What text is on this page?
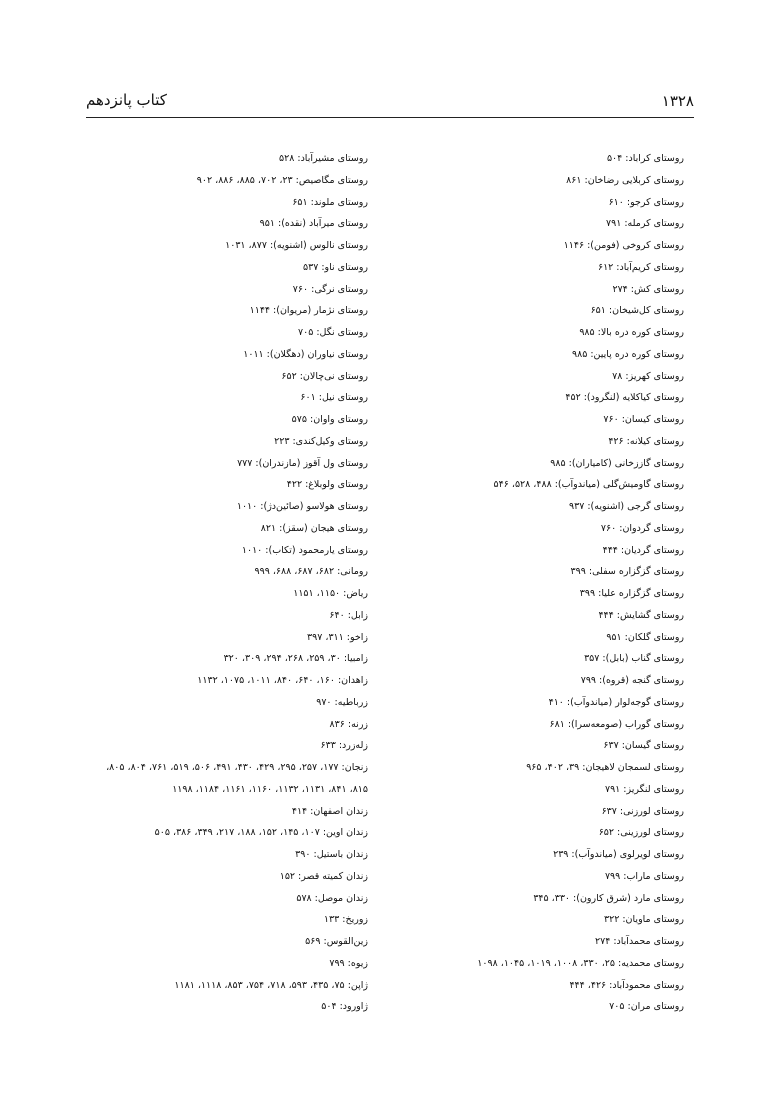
۱۳۲۸
کتاب پانزدهم
روستای کراباد: ۵۰۴
روستای کربلایی رضاخان: ۸۶۱
روستای کرجو: ۶۱۰
روستای کرمله: ۷۹۱
روستای کروخی (فومن): ۱۱۴۶
روستای کریم‌آباد: ۶۱۲
روستای کش: ۲۷۴
روستای کل‌شیخان: ۶۵۱
روستای کوره دره بالا: ۹۸۵
روستای کوره دره پایین: ۹۸۵
روستای کهریز: ۷۸
روستای کیاکلایه (لنگرود): ۴۵۲
روستای کیسان: ۷۶۰
روستای کیلانه: ۴۲۶
روستای گاززخانی (کامیاران): ۹۸۵
روستای گاومیش‌گلی (میاندوآب): ۴۸۸، ۵۲۸، ۵۴۶
روستای گرجی (اشنویه): ۹۳۷
روستای گردوان: ۷۶۰
روستای گردیان: ۴۴۴
روستای گزگزاره سفلی: ۳۹۹
روستای گزگزاره علیا: ۳۹۹
روستای گشایش: ۴۴۴
روستای گلکان: ۹۵۱
روستای گناب (بابل): ۳۵۷
روستای گنجه (قروه): ۷۹۹
روستای گوجه‌لوار (میاندوآب): ۴۱۰
روستای گوراب (صومعه‌سرا): ۶۸۱
روستای گیسان: ۶۳۷
روستای لسمجان لاهیجان: ۳۹، ۴۰۲، ۹۶۵
روستای لنگریز: ۷۹۱
روستای لورزنی: ۶۳۷
روستای لورزینی: ۶۵۲
روستای لویرلوی (میاندوآب): ۲۳۹
روستای ماراب: ۷۹۹
روستای مارد (شرق کارون): ۳۳۰، ۳۴۵
روستای ماویان: ۳۲۲
روستای محمدآباد: ۲۷۴
روستای محمدیه: ۲۵، ۳۳۰، ۱۰۰۸، ۱۰۱۹، ۱۰۴۵، ۱۰۹۸
روستای محمودآباد: ۴۲۶، ۴۴۴
روستای مران: ۷۰۵
روستای مشیرآباد: ۵۲۸
روستای مگاصیص: ۲۳، ۷۰۲، ۸۸۵، ۸۸۶، ۹۰۲
روستای ملوند: ۶۵۱
روستای میرآباد (نقده): ۹۵۱
روستای نالوس (اشنویه): ۸۷۷، ۱۰۳۱
روستای ناو: ۵۳۷
روستای نرگی: ۷۶۰
روستای نژمار (مریوان): ۱۱۴۴
روستای نگل: ۷۰۵
روستای نیاوران (دهگلان): ۱۰۱۱
روستای نی‌چالان: ۶۵۲
روستای نیل: ۶۰۱
روستای واوان: ۵۷۵
روستای وکیل‌کندی: ۲۲۳
روستای ول آقوز (مازندران): ۷۷۷
روستای ولوبلاغ: ۴۲۲
روستای هولاسو (صائین‌دژ): ۱۰۱۰
روستای هیجان (سقز): ۸۲۱
روستای یارمحمود (تکاب): ۱۰۱۰
رومانی: ۶۸۲، ۶۸۷، ۶۸۸، ۹۹۹
ریاض: ۱۱۵۰، ۱۱۵۱
زابل: ۶۴۰
زاخو: ۳۱۱، ۳۹۷
زامبیا: ۳۰، ۲۵۹، ۲۶۸، ۲۹۴، ۳۰۹، ۳۲۰
زاهدان: ۱۶۰، ۶۴۰، ۸۴۰، ۱۰۱۱، ۱۰۷۵، ۱۱۳۲
زرباطیه: ۹۷۰
زرنه: ۸۳۶
زله‌زرد: ۶۳۳
زنجان: ۱۷۷، ۲۵۷، ۲۹۵، ۴۲۹، ۴۳۰، ۴۹۱، ۵۰۶، ۵۱۹، ۷۶۱، ۸۰۴، ۸۰۵،
۸۱۵، ۸۴۱، ۱۱۳۱، ۱۱۳۲، ۱۱۶۰، ۱۱۶۱، ۱۱۸۴، ۱۱۹۸
زندان اصفهان: ۴۱۴
زندان اوین: ۱۰۷، ۱۴۵، ۱۵۲، ۱۸۸، ۲۱۷، ۳۴۹، ۳۸۶، ۵۰۵
زندان باستیل: ۳۹۰
زندان کمیته قصر: ۱۵۲
زندان موصل: ۵۷۸
زوریخ: ۱۳۳
زین‌القوس: ۵۶۹
زیوه: ۷۹۹
ژاپن: ۷۵، ۴۳۵، ۵۹۳، ۷۱۸، ۷۵۴، ۸۵۳، ۱۱۱۸، ۱۱۸۱
ژاورود: ۵۰۴
